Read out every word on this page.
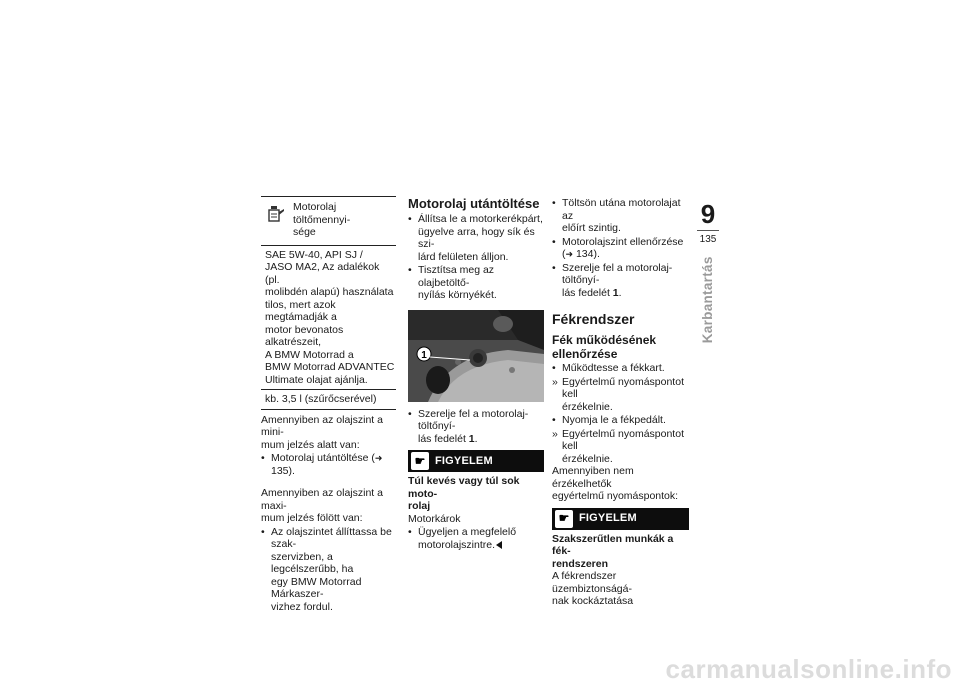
Motorolaj töltőmennyi-
sége
SAE 5W-40, API SJ /
JASO MA2, Az adalékok (pl.
molibdén alapú) használata
tilos, mert azok megtámadják a
motor bevonatos alkatrészeit,
A BMW Motorrad a
BMW Motorrad ADVANTEC
Ultimate olajat ajánlja.
kb. 3,5 l (szűrőcserével)
Amennyiben az olajszint a mini-
mum jelzés alatt van:
• Motorolaj utántöltése (➜ 135).
Amennyiben az olajszint a maxi-
mum jelzés fölött van:
• Az olajszintet állíttassa be szak-
szervizben, a legcélszerűbb, ha
egy BMW Motorrad Márkaszer-
vizhez fordul.
Motorolaj utántöltése
• Állítsa le a motorkerékpárt,
ügyelve arra, hogy sík és szi-
lárd felületen álljon.
• Tisztítsa meg az olajbetöltő-
nyílás környékét.
1
• Szerelje fel a motorolaj-töltőnyí-
lás fedelét 1.
☛ FIGYELEM
Túl kevés vagy túl sok moto-
rolaj
Motorkárok
• Ügyeljen a megfelelő
motorolajszintre.
• Töltsön utána motorolajat az
előírt szintig.
• Motorolajszint ellenőrzése
(➜ 134).
• Szerelje fel a motorolaj-töltőnyí-
lás fedelét 1.
Fékrendszer
Fék működésének
ellenőrzése
• Működtesse a fékkart.
» Egyértelmű nyomáspontot kell
érzékelnie.
• Nyomja le a fékpedált.
» Egyértelmű nyomáspontot kell
érzékelnie.
Amennyiben nem érzékelhetők
egyértelmű nyomáspontok:
☛ FIGYELEM
Szakszerűtlen munkák a fék-
rendszeren
A fékrendszer üzembiztonságá-
nak kockáztatása
9
135
Karbantartás
carmanualsonline.info
